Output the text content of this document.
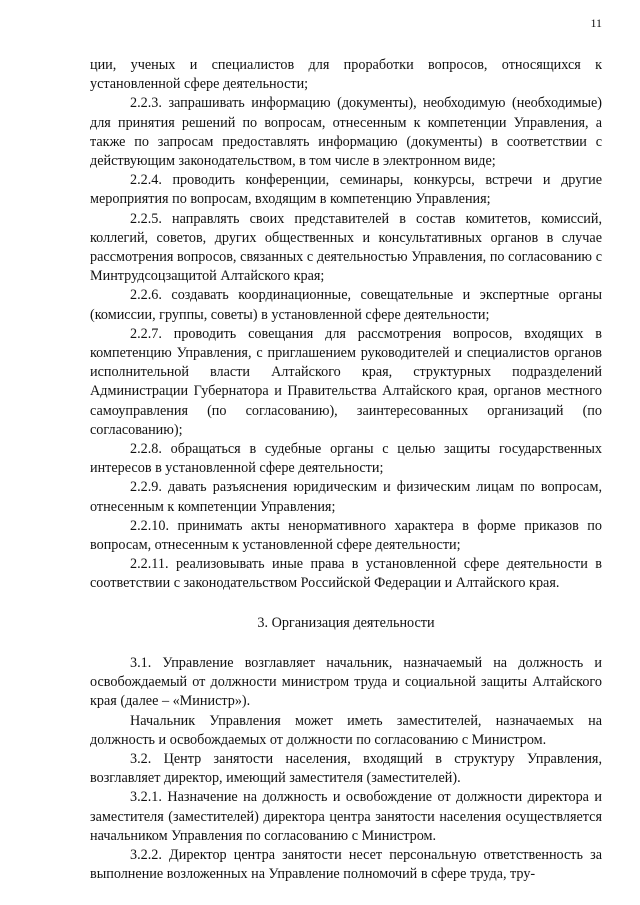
11

ции, ученых и специалистов для проработки вопросов, относящихся к установленной сфере деятельности;

2.2.3. запрашивать информацию (документы), необходимую (необходимые) для принятия решений по вопросам, отнесенным к компетенции Управления, а также по запросам предоставлять информацию (документы) в соответствии с действующим законодательством, в том числе в электронном виде;

2.2.4. проводить конференции, семинары, конкурсы, встречи и другие мероприятия по вопросам, входящим в компетенцию Управления;

2.2.5. направлять своих представителей в состав комитетов, комиссий, коллегий, советов, других общественных и консультативных органов в случае рассмотрения вопросов, связанных с деятельностью Управления, по согласованию с Минтрудсоцзащитой Алтайского края;

2.2.6. создавать координационные, совещательные и экспертные органы (комиссии, группы, советы) в установленной сфере деятельности;

2.2.7. проводить совещания для рассмотрения вопросов, входящих в компетенцию Управления, с приглашением руководителей и специалистов органов исполнительной власти Алтайского края, структурных подразделений Администрации Губернатора и Правительства Алтайского края, органов местного самоуправления (по согласованию), заинтересованных организаций (по согласованию);

2.2.8. обращаться в судебные органы с целью защиты государственных интересов в установленной сфере деятельности;

2.2.9. давать разъяснения юридическим и физическим лицам по вопросам, отнесенным к компетенции Управления;

2.2.10. принимать акты ненормативного характера в форме приказов по вопросам, отнесенным к установленной сфере деятельности;

2.2.11. реализовывать иные права в установленной сфере деятельности в соответствии с законодательством Российской Федерации и Алтайского края.

3. Организация деятельности

3.1. Управление возглавляет начальник, назначаемый на должность и освобождаемый от должности министром труда и социальной защиты Алтайского края (далее – «Министр»).

Начальник Управления может иметь заместителей, назначаемых на должность и освобождаемых от должности по согласованию с Министром.

3.2. Центр занятости населения, входящий в структуру Управления, возглавляет директор, имеющий заместителя (заместителей).

3.2.1. Назначение на должность и освобождение от должности директора и заместителя (заместителей) директора центра занятости населения осуществляется начальником Управления по согласованию с Министром.

3.2.2. Директор центра занятости несет персональную ответственность за выполнение возложенных на Управление полномочий в сфере труда, тру-
